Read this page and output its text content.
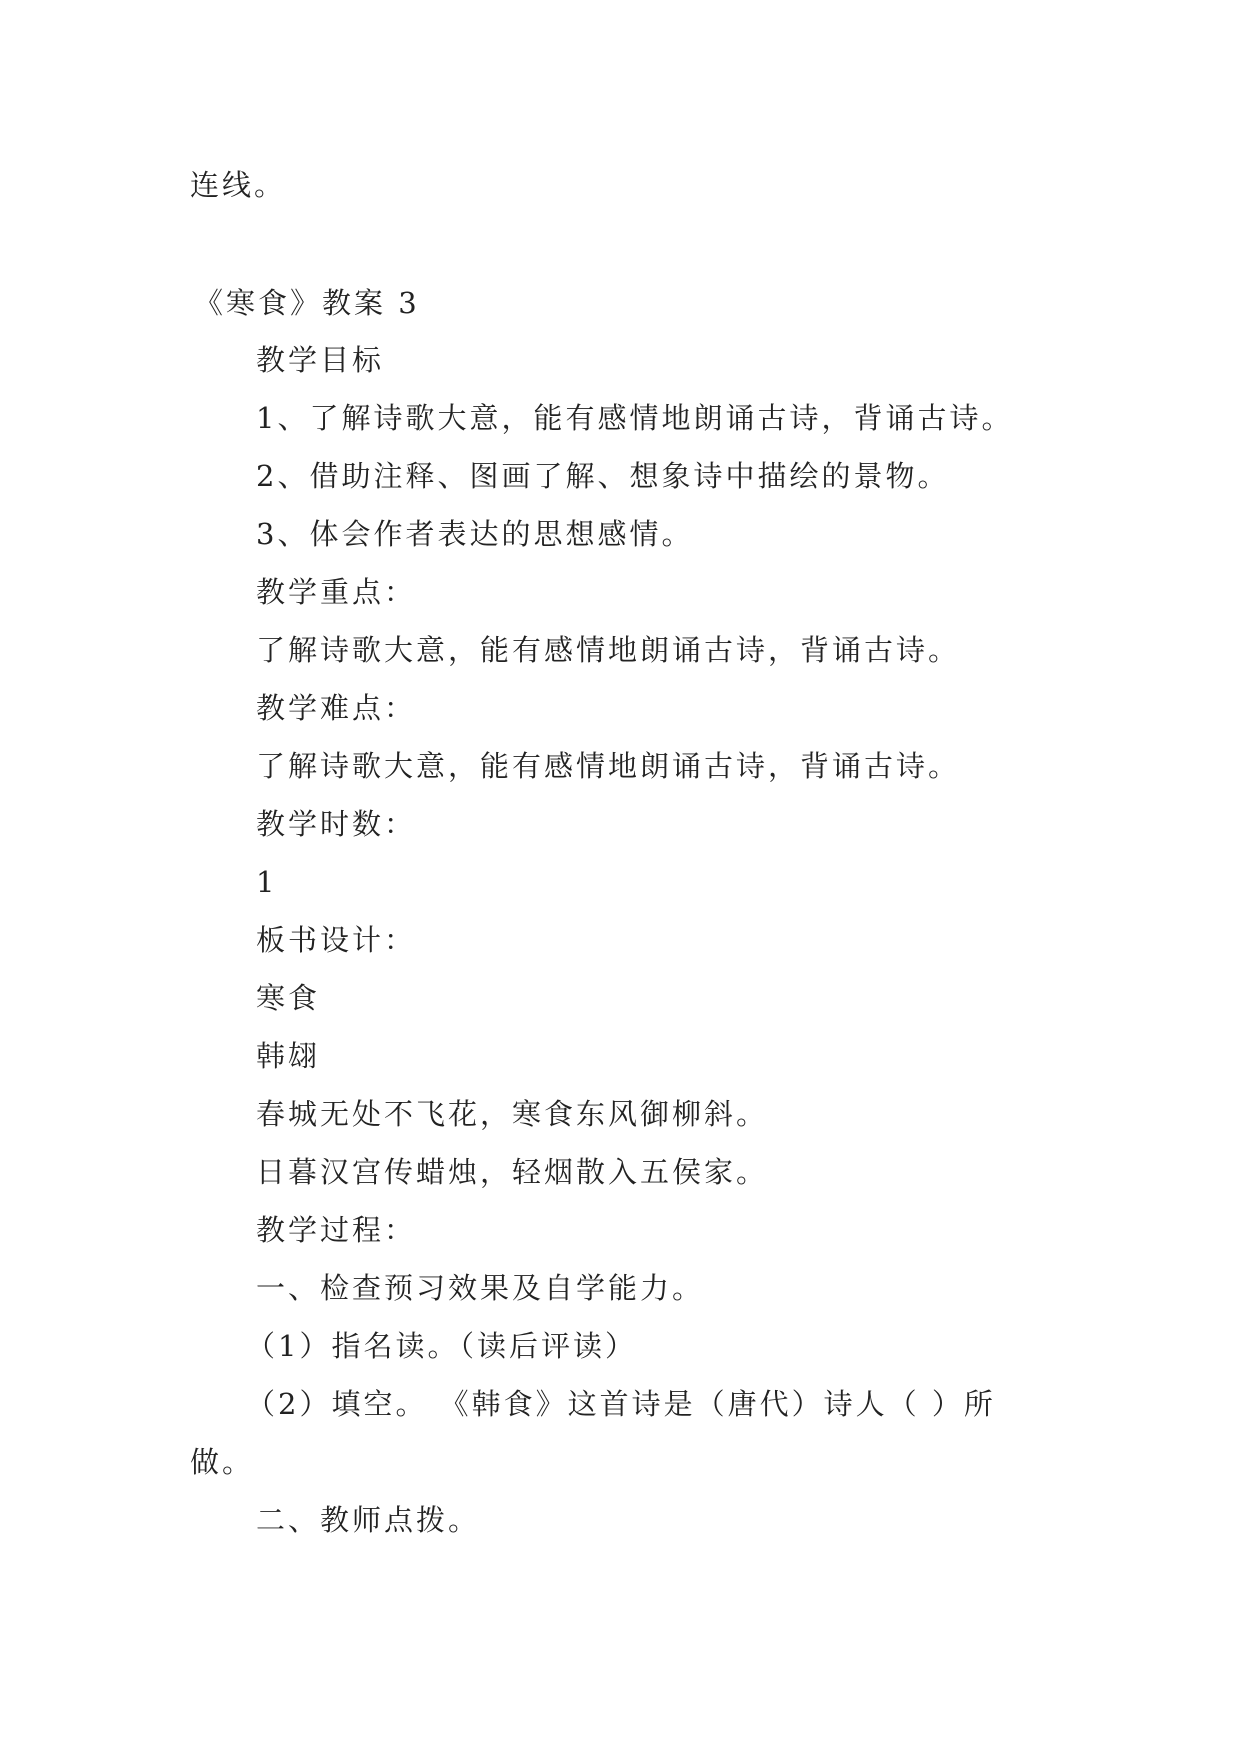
连线。
《寒食》教案 3
教学目标
1、了解诗歌大意，能有感情地朗诵古诗，背诵古诗。
2、借助注释、图画了解、想象诗中描绘的景物。
3、体会作者表达的思想感情。
教学重点：
了解诗歌大意，能有感情地朗诵古诗，背诵古诗。
教学难点：
了解诗歌大意，能有感情地朗诵古诗，背诵古诗。
教学时数：
1
板书设计：
寒食
韩翃
春城无处不飞花，寒食东风御柳斜。
日暮汉宫传蜡烛，轻烟散入五侯家。
教学过程：
一、检查预习效果及自学能力。
（1）指名读。（读后评读）
（2）填空。 《韩食》这首诗是（唐代）诗人（ ）所
做。
二、教师点拨。
